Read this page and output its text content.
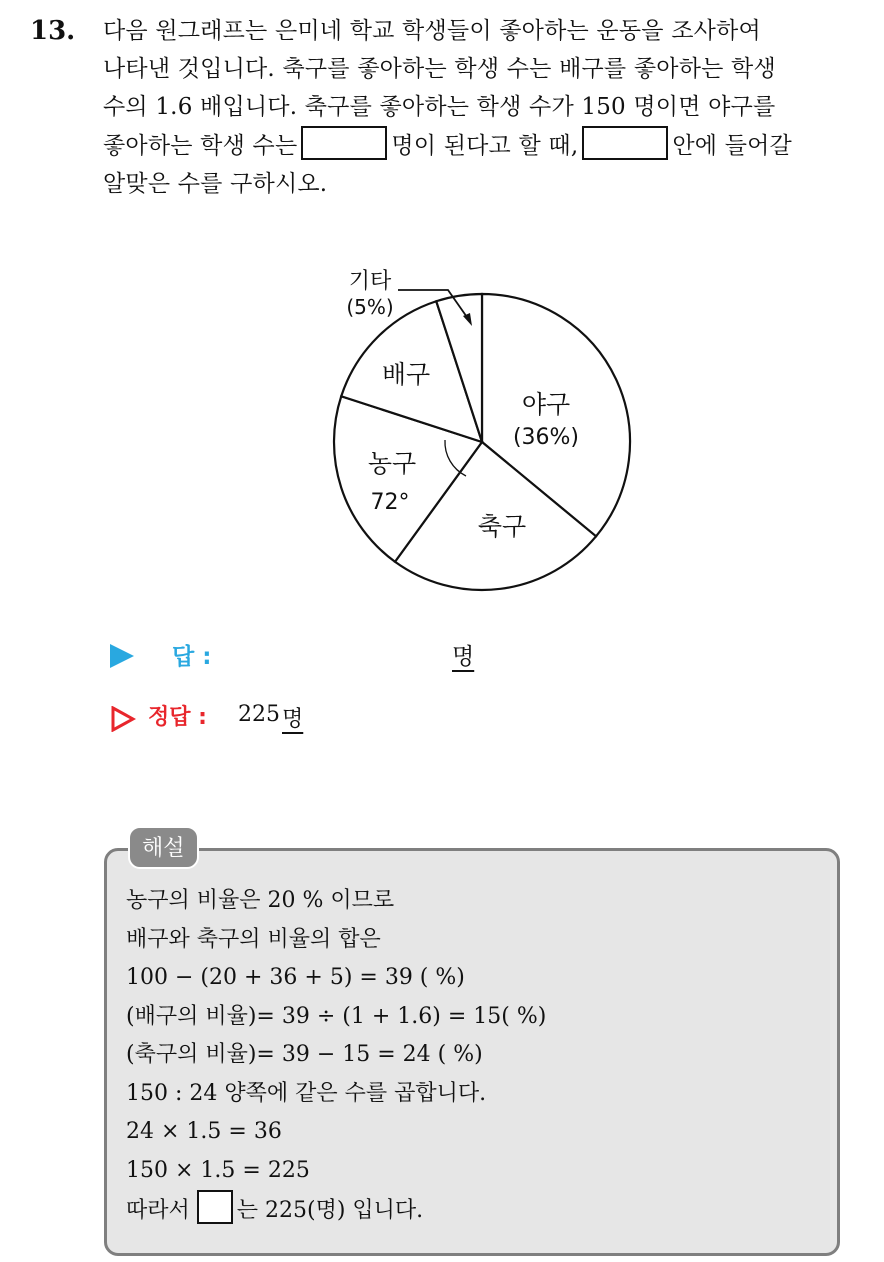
13. 다음 원그래프는 은미네 학교 학생들이 좋아하는 운동을 조사하여
나타낸 것입니다. 축구를 좋아하는 학생 수는 배구를 좋아하는 학생
수의 1.6 배입니다. 축구를 좋아하는 학생 수가 150 명이면 야구를
좋아하는 학생 수는	명이 된다고 할 때,	안에 들어갈
알맞은 수를 구하시오.
야구
(36%)
축구
농구
72°
배구
기타
(5%)
답 :	명
정답 : 225 명
해설
농구의 비율은 20 % 이므로
배구와 축구의 비율의 합은
100 − (20 + 36 + 5) = 39 ( %)
(배구의 비율)= 39 ÷ (1 + 1.6) = 15( %)
(축구의 비율)= 39 − 15 = 24 ( %)
150 : 24 양쪽에 같은 수를 곱합니다.
24 × 1.5 = 36
150 × 1.5 = 225
따라서 는 225(명) 입니다.
